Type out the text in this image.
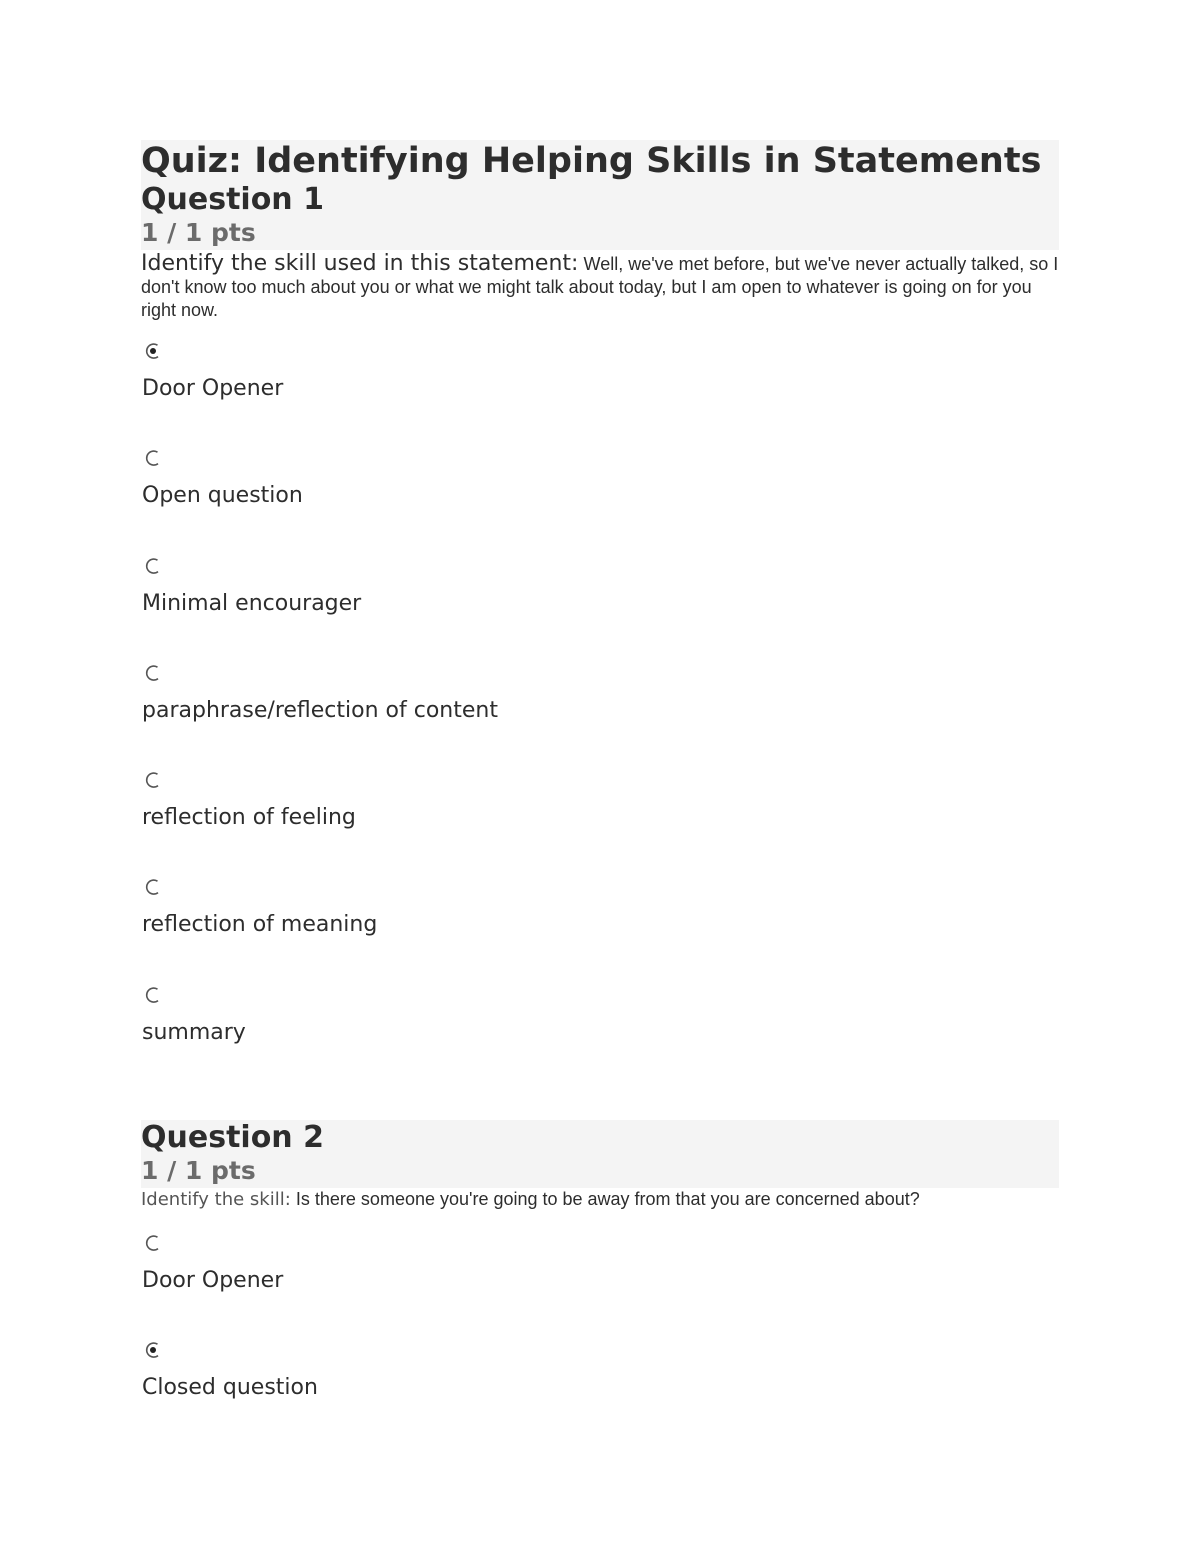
Quiz: Identifying Helping Skills in Statements
Question 1
1 / 1 pts

Identify the skill used in this statement: Well, we've met before, but we've never actually talked, so I don't know too much about you or what we might talk about today, but I am open to whatever is going on for you right now.

Door Opener
Open question
Minimal encourager
paraphrase/reflection of content
reflection of feeling
reflection of meaning
summary
Question 2
1 / 1 pts

Identify the skill: Is there someone you're going to be away from that you are concerned about?

Door Opener
Closed question
